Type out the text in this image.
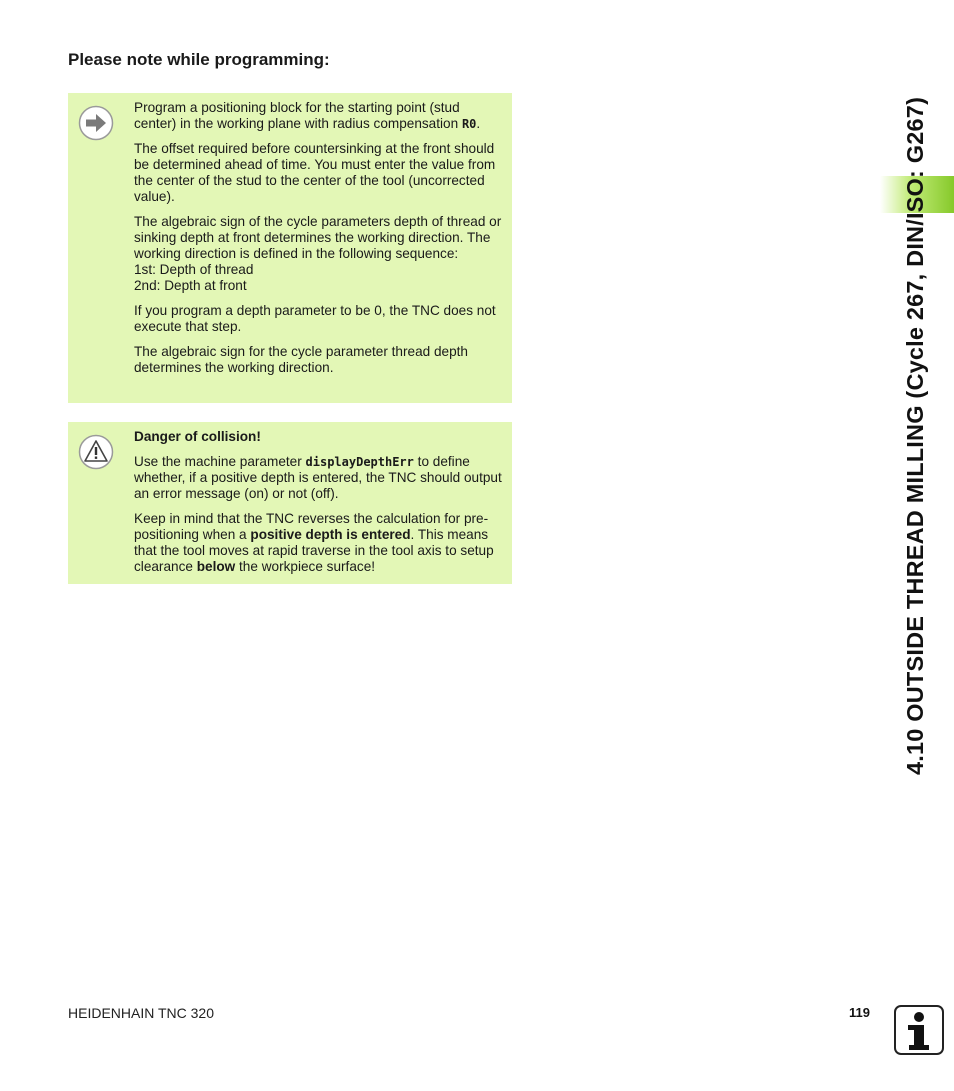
Please note while programming:

Program a positioning block for the starting point (stud center) in the working plane with radius compensation R0.

The offset required before countersinking at the front should be determined ahead of time. You must enter the value from the center of the stud to the center of the tool (uncorrected value).

The algebraic sign of the cycle parameters depth of thread or sinking depth at front determines the working direction. The working direction is defined in the following sequence:
1st: Depth of thread
2nd: Depth at front

If you program a depth parameter to be 0, the TNC does not execute that step.

The algebraic sign for the cycle parameter thread depth determines the working direction.

Danger of collision!

Use the machine parameter displayDepthErr to define whether, if a positive depth is entered, the TNC should output an error message (on) or not (off).

Keep in mind that the TNC reverses the calculation for pre-positioning when a positive depth is entered. This means that the tool moves at rapid traverse in the tool axis to setup clearance below the workpiece surface!	4.10 OUTSIDE THREAD MILLING (Cycle 267, DIN/ISO: G267)
HEIDENHAIN TNC 320	119
